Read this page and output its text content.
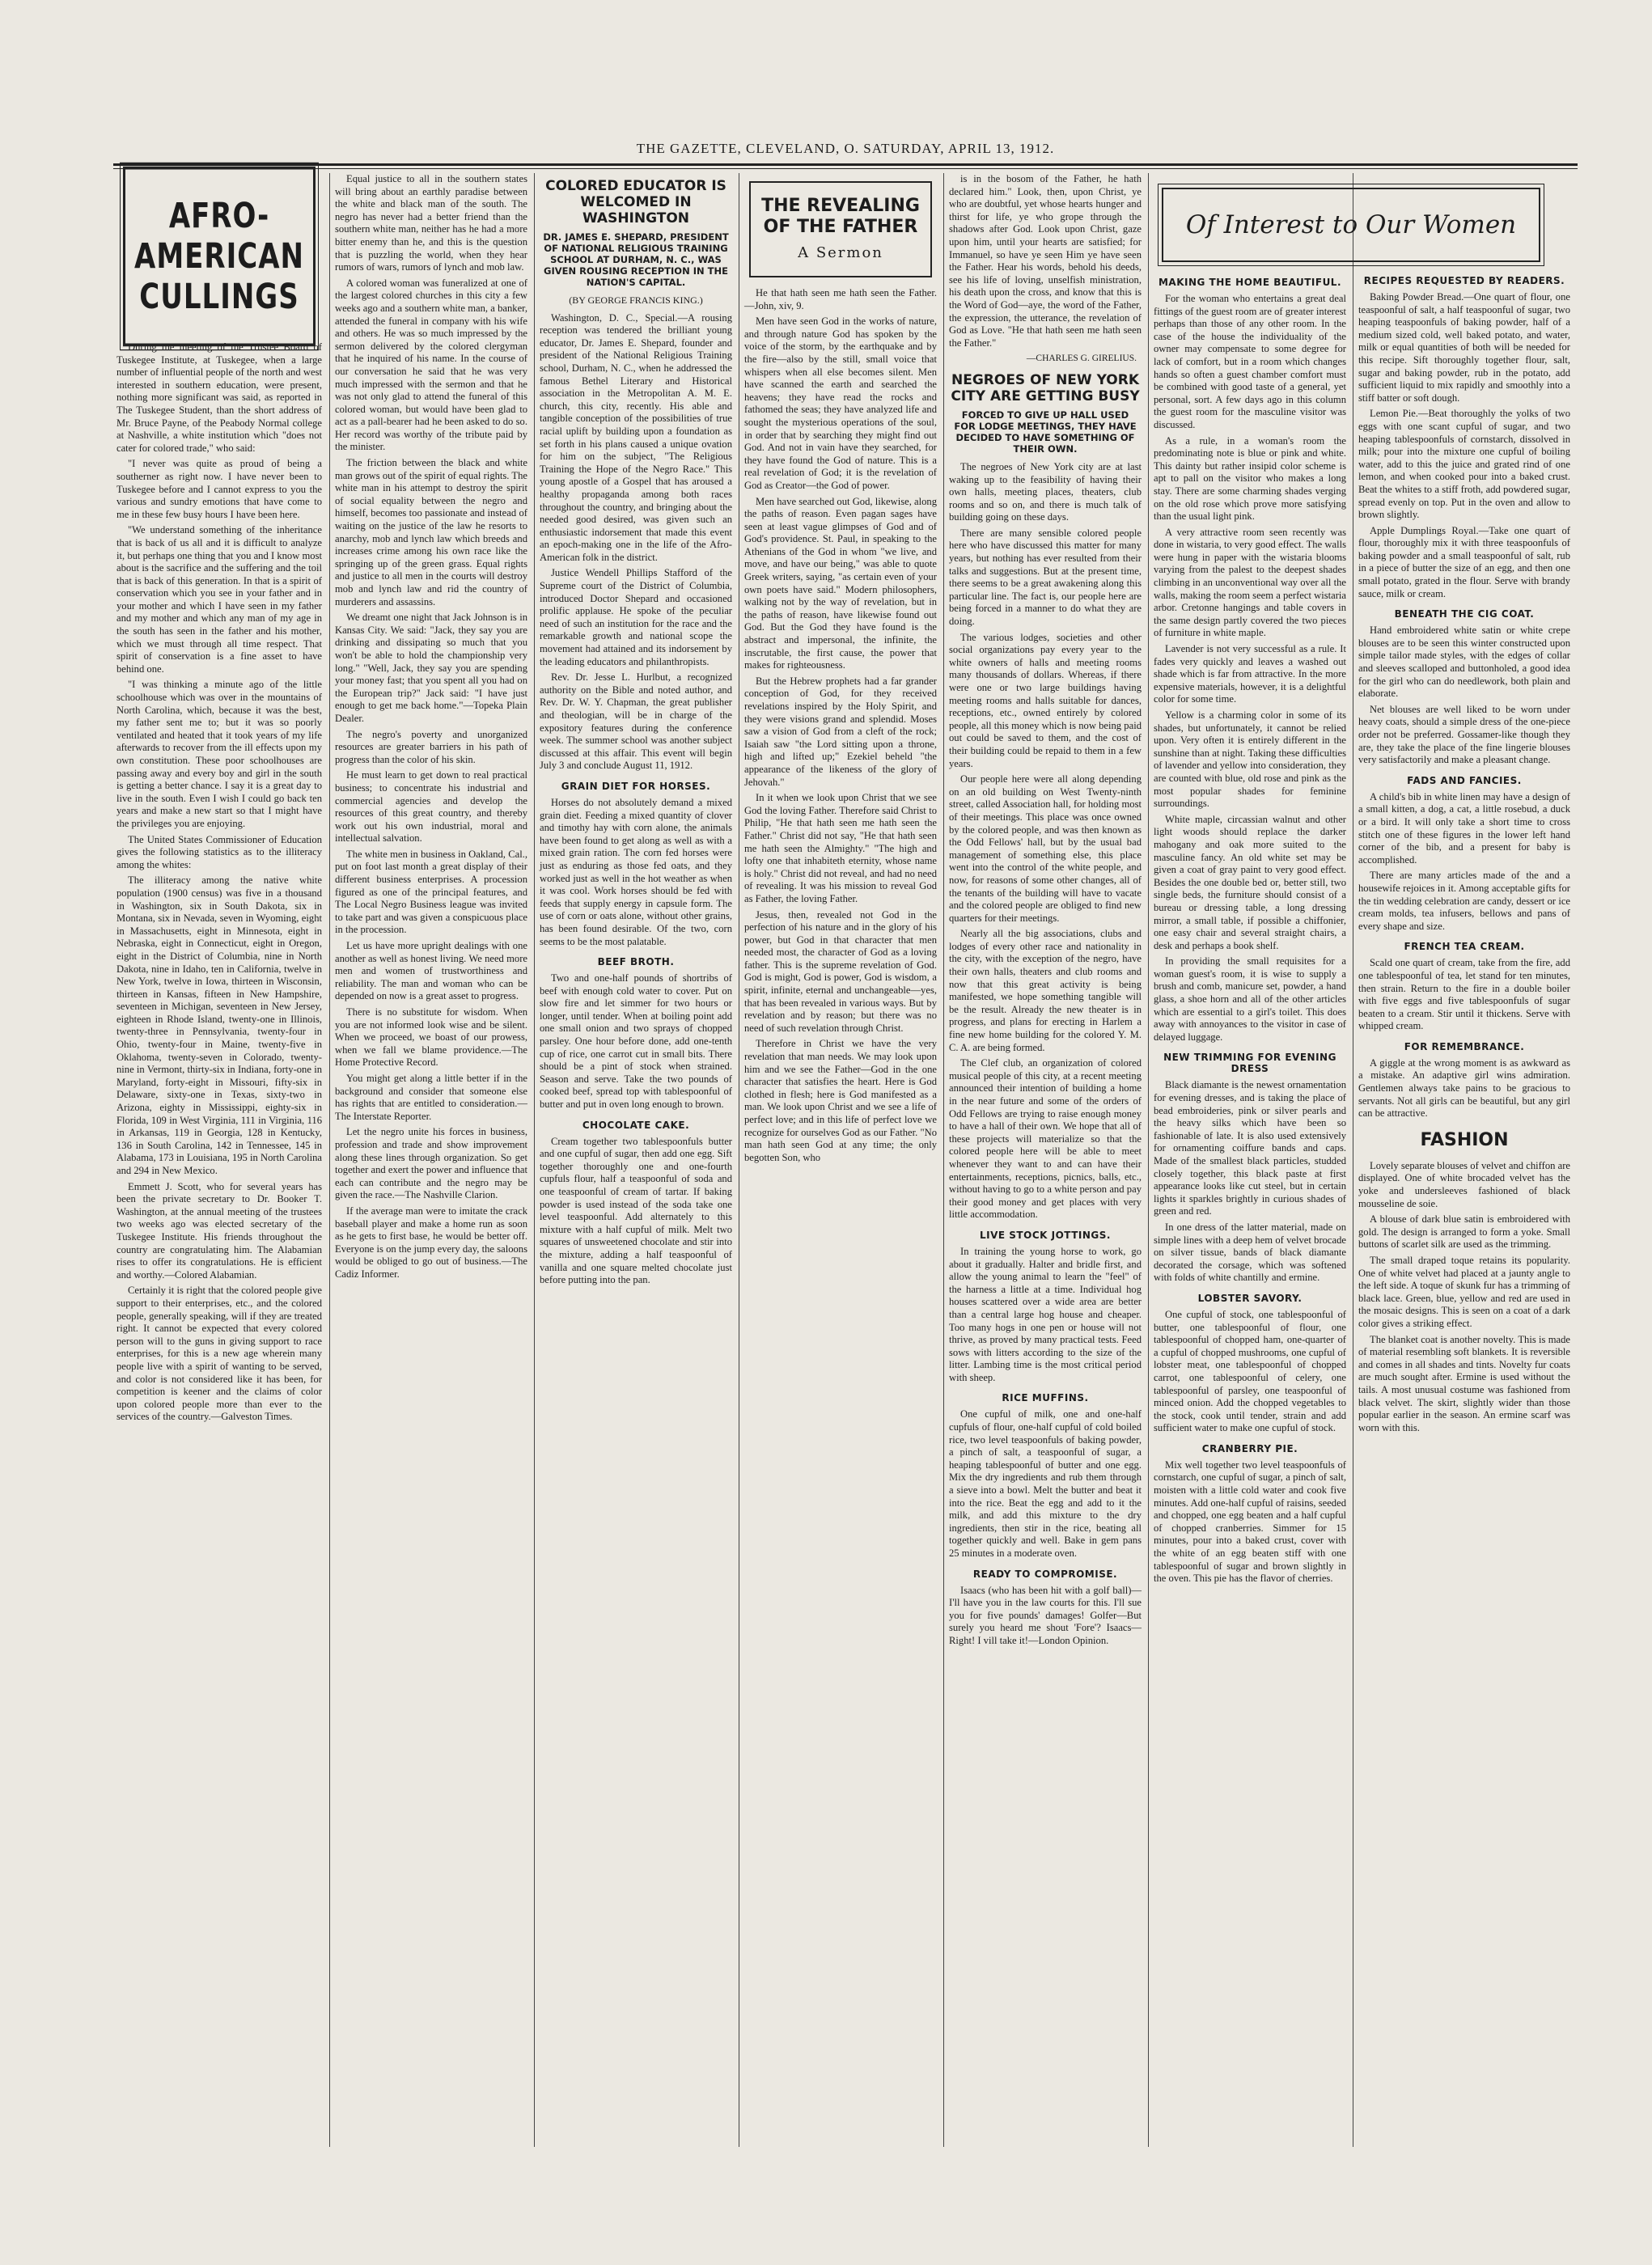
THE GAZETTE, CLEVELAND, O. SATURDAY, APRIL 13, 1912.
AFRO-AMERICAN CULLINGS

During the meeting of the Trustee Board of Tuskegee Institute, at Tuskegee, when a large number of influential people of the north and west interested in southern education, were present, nothing more significant was said, as reported in The Tuskegee Student, than the short address of Mr. Bruce Payne, of the Peabody Normal college at Nashville, a white institution which "does not cater for colored trade," who said:

"I never was quite as proud of being a southerner as right now. I have never been to Tuskegee before and I cannot express to you the various and sundry emotions that have come to me in these few busy hours I have been here.

"We understand something of the inheritance that is back of us all and it is difficult to analyze it, but perhaps one thing that you and I know most about is the sacrifice and the suffering and the toil that is back of this generation. In that is a spirit of conservation which you see in your father and in your mother and which I have seen in my father and my mother and which any man of my age in the south has seen in the father and his mother, which we must through all time respect. That spirit of conservation is a fine asset to have behind one.

"I was thinking a minute ago of the little schoolhouse which was over in the mountains of North Carolina, which, because it was the best, my father sent me to; but it was so poorly ventilated and heated that it took years of my life afterwards to recover from the ill effects upon my own constitution. These poor schoolhouses are passing away and every boy and girl in the south is getting a better chance. I say it is a great day to live in the south. Even I wish I could go back ten years and make a new start so that I might have the privileges you are enjoying.

The United States Commissioner of Education gives the following statistics as to the illiteracy among the whites:

The illiteracy among the native white population (1900 census) was five in a thousand in Washington, six in South Dakota, six in Montana, six in Nevada, seven in Wyoming, eight in Massachusetts, eight in Minnesota, eight in Nebraska, eight in Connecticut, eight in Oregon, eight in the District of Columbia, nine in North Dakota, nine in Idaho, ten in California, twelve in New York, twelve in Iowa, thirteen in Wisconsin, thirteen in Kansas, fifteen in New Hampshire, seventeen in Michigan, seventeen in New Jersey, eighteen in Rhode Island, twenty-one in Illinois, twenty-three in Pennsylvania, twenty-four in Ohio, twenty-four in Maine, twenty-five in Oklahoma, twenty-seven in Colorado, twenty-nine in Vermont, thirty-six in Indiana, forty-one in Maryland, forty-eight in Missouri, fifty-six in Delaware, sixty-one in Texas, sixty-two in Arizona, eighty in Mississippi, eighty-six in Florida, 109 in West Virginia, 111 in Virginia, 116 in Arkansas, 119 in Georgia, 128 in Kentucky, 136 in South Carolina, 142 in Tennessee, 145 in Alabama, 173 in Louisiana, 195 in North Carolina and 294 in New Mexico.

Emmett J. Scott, who for several years has been the private secretary to Dr. Booker T. Washington, at the annual meeting of the trustees two weeks ago was elected secretary of the Tuskegee Institute. His friends throughout the country are congratulating him. The Alabamian rises to offer its congratulations. He is efficient and worthy.—Colored Alabamian.

Certainly it is right that the colored people give support to their enterprises, etc., and the colored people, generally speaking, will if they are treated right. It cannot be expected that every colored person will to the guns in giving support to race enterprises, for this is a new age wherein many people live with a spirit of wanting to be served, and color is not considered like it has been, for competition is keener and the claims of color upon colored people more than ever to the services of the country.—Galveston Times.

Equal justice to all in the southern states will bring about an earthly paradise between the white and black man of the south. The negro has never had a better friend than the southern white man, neither has he had a more bitter enemy than he, and this is the question that is puzzling the world, when they hear rumors of wars, rumors of lynch and mob law.

A colored woman was funeralized at one of the largest colored churches in this city a few weeks ago and a southern white man, a banker, attended the funeral in company with his wife and others. He was so much impressed by the sermon delivered by the colored clergyman that he inquired of his name. In the course of our conversation he said that he was very much impressed with the sermon and that he was not only glad to attend the funeral of this colored woman, but would have been glad to act as a pall-bearer had he been asked to do so. Her record was worthy of the tribute paid by the minister.

The friction between the black and white man grows out of the spirit of equal rights. The white man in his attempt to destroy the spirit of social equality between the negro and himself, becomes too passionate and instead of waiting on the justice of the law he resorts to anarchy, mob and lynch law which breeds and increases crime among his own race like the springing up of the green grass. Equal rights and justice to all men in the courts will destroy mob and lynch law and rid the country of murderers and assassins.

We dreamt one night that Jack Johnson is in Kansas City. We said: "Jack, they say you are drinking and dissipating so much that you won't be able to hold the championship very long." "Well, Jack, they say you are spending your money fast; that you spent all you had on the European trip?" Jack said: "I have just enough to get me back home."—Topeka Plain Dealer.

The negro's poverty and unorganized resources are greater barriers in his path of progress than the color of his skin.

He must learn to get down to real practical business; to concentrate his industrial and commercial agencies and develop the resources of this great country, and thereby work out his own industrial, moral and intellectual salvation.

The white men in business in Oakland, Cal., put on foot last month a great display of their different business enterprises. A procession figured as one of the principal features, and The Local Negro Business league was invited to take part and was given a conspicuous place in the procession.

Let us have more upright dealings with one another as well as honest living. We need more men and women of trustworthiness and reliability. The man and woman who can be depended on now is a great asset to progress.

There is no substitute for wisdom. When you are not informed look wise and be silent. When we proceed, we boast of our prowess, when we fall we blame providence.—The Home Protective Record.

You might get along a little better if in the background and consider that someone else has rights that are entitled to consideration.—The Interstate Reporter.

Let the negro unite his forces in business, profession and trade and show improvement along these lines through organization. So get together and exert the power and influence that each can contribute and the negro may be given the race.—The Nashville Clarion.

If the average man were to imitate the crack baseball player and make a home run as soon as he gets to first base, he would be better off. Everyone is on the jump every day, the saloons would be obliged to go out of business.—The Cadiz Informer.

COLORED EDUCATOR IS WELCOMED IN WASHINGTON
DR. JAMES E. SHEPARD, PRESIDENT OF NATIONAL RELIGIOUS TRAINING SCHOOL AT DURHAM, N. C., WAS GIVEN ROUSING RECEPTION IN THE NATION'S CAPITAL.

(BY GEORGE FRANCIS KING.)

Washington, D. C., Special.—A rousing reception was tendered the brilliant young educator, Dr. James E. Shepard, founder and president of the National Religious Training school, Durham, N. C., when he addressed the famous Bethel Literary and Historical association in the Metropolitan A. M. E. church, this city, recently. His able and tangible conception of the possibilities of true racial uplift by building upon a foundation as set forth in his plans caused a unique ovation for him on the subject, "The Religious Training the Hope of the Negro Race." This young apostle of a Gospel that has aroused a healthy propaganda among both races throughout the country, and bringing about the needed good desired, was given such an enthusiastic indorsement that made this event an epoch-making one in the life of the Afro-American folk in the district.

Justice Wendell Phillips Stafford of the Supreme court of the District of Columbia, introduced Doctor Shepard and occasioned prolific applause. He spoke of the peculiar need of such an institution for the race and the remarkable growth and national scope the movement had attained and its indorsement by the leading educators and philanthropists.

Rev. Dr. Jesse L. Hurlbut, a recognized authority on the Bible and noted author, and Rev. Dr. W. Y. Chapman, the great publisher and theologian, will be in charge of the expository features during the conference week. The summer school was another subject discussed at this affair. This event will begin July 3 and conclude August 11, 1912.

GRAIN DIET FOR HORSES.

Horses do not absolutely demand a mixed grain diet. Feeding a mixed quantity of clover and timothy hay with corn alone, the animals have been found to get along as well as with a mixed grain ration. The corn fed horses were just as enduring as those fed oats, and they worked just as well in the hot weather as when it was cool. Work horses should be fed with feeds that supply energy in capsule form. The use of corn or oats alone, without other grains, has been found desirable. Of the two, corn seems to be the most palatable.

BEEF BROTH.

Two and one-half pounds of shortribs of beef with enough cold water to cover. Put on slow fire and let simmer for two hours or longer, until tender. When at boiling point add one small onion and two sprays of chopped parsley. One hour before done, add one-tenth cup of rice, one carrot cut in small bits. There should be a pint of stock when strained. Season and serve. Take the two pounds of cooked beef, spread top with tablespoonful of butter and put in oven long enough to brown.

CHOCOLATE CAKE.

Cream together two tablespoonfuls butter and one cupful of sugar, then add one egg. Sift together thoroughly one and one-fourth cupfuls flour, half a teaspoonful of soda and one teaspoonful of cream of tartar. If baking powder is used instead of the soda take one level teaspoonful. Add alternately to this mixture with a half cupful of milk. Melt two squares of unsweetened chocolate and stir into the mixture, adding a half teaspoonful of vanilla and one square melted chocolate just before putting into the pan.

THE REVEALING OF THE FATHER
A Sermon

He that hath seen me hath seen the Father.—John, xiv, 9.

Men have seen God in the works of nature, and through nature God has spoken by the voice of the storm, by the earthquake and by the fire—also by the still, small voice that whispers when all else becomes silent. Men have scanned the earth and searched the heavens; they have read the rocks and fathomed the seas; they have analyzed life and sought the mysterious operations of the soul, in order that by searching they might find out God. And not in vain have they searched, for they have found the God of nature. This is a real revelation of God; it is the revelation of God as Creator—the God of power.

Men have searched out God, likewise, along the paths of reason. Even pagan sages have seen at least vague glimpses of God and of God's providence. St. Paul, in speaking to the Athenians of the God in whom "we live, and move, and have our being," was able to quote Greek writers, saying, "as certain even of your own poets have said." Modern philosophers, walking not by the way of revelation, but in the paths of reason, have likewise found out God. But the God they have found is the abstract and impersonal, the infinite, the inscrutable, the first cause, the power that makes for righteousness.

But the Hebrew prophets had a far grander conception of God, for they received revelations inspired by the Holy Spirit, and they were visions grand and splendid. Moses saw a vision of God from a cleft of the rock; Isaiah saw "the Lord sitting upon a throne, high and lifted up;" Ezekiel beheld "the appearance of the likeness of the glory of Jehovah."

In it when we look upon Christ that we see God the loving Father. Therefore said Christ to Philip, "He that hath seen me hath seen the Father." Christ did not say, "He that hath seen me hath seen the Almighty." "The high and lofty one that inhabiteth eternity, whose name is holy." Christ did not reveal, and had no need of revealing. It was his mission to reveal God as Father, the loving Father.

Jesus, then, revealed not God in the perfection of his nature and in the glory of his power, but God in that character that men needed most, the character of God as a loving father. This is the supreme revelation of God. God is might, God is power, God is wisdom, a spirit, infinite, eternal and unchangeable—yes, that has been revealed in various ways. But by revelation and by reason; but there was no need of such revelation through Christ.

Therefore in Christ we have the very revelation that man needs. We may look upon him and we see the Father—God in the one character that satisfies the heart. Here is God clothed in flesh; here is God manifested as a man. We look upon Christ and we see a life of perfect love; and in this life of perfect love we recognize for ourselves God as our Father. "No man hath seen God at any time; the only begotten Son, who

is in the bosom of the Father, he hath declared him." Look, then, upon Christ, ye who are doubtful, yet whose hearts hunger and thirst for life, ye who grope through the shadows after God. Look upon Christ, gaze upon him, until your hearts are satisfied; for Immanuel, so have ye seen Him ye have seen the Father. Hear his words, behold his deeds, see his life of loving, unselfish ministration, his death upon the cross, and know that this is the Word of God—aye, the word of the Father, the expression, the utterance, the revelation of God as Love. "He that hath seen me hath seen the Father."

—CHARLES G. GIRELIUS.

NEGROES OF NEW YORK CITY ARE GETTING BUSY
FORCED TO GIVE UP HALL USED FOR LODGE MEETINGS, THEY HAVE DECIDED TO HAVE SOMETHING OF THEIR OWN.

The negroes of New York city are at last waking up to the feasibility of having their own halls, meeting places, theaters, club rooms and so on, and there is much talk of building going on these days.

There are many sensible colored people here who have discussed this matter for many years, but nothing has ever resulted from their talks and suggestions. But at the present time, there seems to be a great awakening along this particular line. The fact is, our people here are being forced in a manner to do what they are doing.

The various lodges, societies and other social organizations pay every year to the white owners of halls and meeting rooms many thousands of dollars. Whereas, if there were one or two large buildings having meeting rooms and halls suitable for dances, receptions, etc., owned entirely by colored people, all this money which is now being paid out could be saved to them, and the cost of their building could be repaid to them in a few years.

Our people here were all along depending on an old building on West Twenty-ninth street, called Association hall, for holding most of their meetings. This place was once owned by the colored people, and was then known as the Odd Fellows' hall, but by the usual bad management of something else, this place went into the control of the white people, and now, for reasons of some other changes, all of the tenants of the building will have to vacate and the colored people are obliged to find new quarters for their meetings.

Nearly all the big associations, clubs and lodges of every other race and nationality in the city, with the exception of the negro, have their own halls, theaters and club rooms and now that this great activity is being manifested, we hope something tangible will be the result. Already the new theater is in progress, and plans for erecting in Harlem a fine new home building for the colored Y. M. C. A. are being formed.

The Clef club, an organization of colored musical people of this city, at a recent meeting announced their intention of building a home in the near future and some of the orders of Odd Fellows are trying to raise enough money to have a hall of their own. We hope that all of these projects will materialize so that the colored people here will be able to meet whenever they want to and can have their entertainments, receptions, picnics, balls, etc., without having to go to a white person and pay their good money and get places with very little accommodation.

LIVE STOCK JOTTINGS.

In training the young horse to work, go about it gradually. Halter and bridle first, and allow the young animal to learn the "feel" of the harness a little at a time. Individual hog houses scattered over a wide area are better than a central large hog house and cheaper. Too many hogs in one pen or house will not thrive, as proved by many practical tests. Feed sows with litters according to the size of the litter. Lambing time is the most critical period with sheep.

RICE MUFFINS.

One cupful of milk, one and one-half cupfuls of flour, one-half cupful of cold boiled rice, two level teaspoonfuls of baking powder, a pinch of salt, a teaspoonful of sugar, a heaping tablespoonful of butter and one egg. Mix the dry ingredients and rub them through a sieve into a bowl. Melt the butter and beat it into the rice. Beat the egg and add to it the milk, and add this mixture to the dry ingredients, then stir in the rice, beating all together quickly and well. Bake in gem pans 25 minutes in a moderate oven.

READY TO COMPROMISE.

Isaacs (who has been hit with a golf ball)—I'll have you in the law courts for this. I'll sue you for five pounds' damages! Golfer—But surely you heard me shout 'Fore'? Isaacs—Right! I vill take it!—London Opinion.

Of Interest to Our Women
MAKING THE HOME BEAUTIFUL.

For the woman who entertains a great deal fittings of the guest room are of greater interest perhaps than those of any other room. In the case of the house the individuality of the owner may compensate to some degree for lack of comfort, but in a room which changes hands so often a guest chamber comfort must be combined with good taste of a general, yet personal, sort. A few days ago in this column the guest room for the masculine visitor was discussed.

As a rule, in a woman's room the predominating note is blue or pink and white. This dainty but rather insipid color scheme is apt to pall on the visitor who makes a long stay. There are some charming shades verging on the old rose which prove more satisfying than the usual light pink.

A very attractive room seen recently was done in wistaria, to very good effect. The walls were hung in paper with the wistaria blooms varying from the palest to the deepest shades climbing in an unconventional way over all the walls, making the room seem a perfect wistaria arbor. Cretonne hangings and table covers in the same design partly covered the two pieces of furniture in white maple.

Lavender is not very successful as a rule. It fades very quickly and leaves a washed out shade which is far from attractive. In the more expensive materials, however, it is a delightful color for some time.

Yellow is a charming color in some of its shades, but unfortunately, it cannot be relied upon. Very often it is entirely different in the sunshine than at night. Taking these difficulties of lavender and yellow into consideration, they are counted with blue, old rose and pink as the most popular shades for feminine surroundings.

White maple, circassian walnut and other light woods should replace the darker mahogany and oak more suited to the masculine fancy. An old white set may be given a coat of gray paint to very good effect. Besides the one double bed or, better still, two single beds, the furniture should consist of a bureau or dressing table, a long dressing mirror, a small table, if possible a chiffonier, one easy chair and several straight chairs, a desk and perhaps a book shelf.

In providing the small requisites for a woman guest's room, it is wise to supply a brush and comb, manicure set, powder, a hand glass, a shoe horn and all of the other articles which are essential to a girl's toilet. This does away with annoyances to the visitor in case of delayed luggage.

NEW TRIMMING FOR EVENING DRESS

Black diamante is the newest ornamentation for evening dresses, and is taking the place of bead embroideries, pink or silver pearls and the heavy silks which have been so fashionable of late. It is also used extensively for ornamenting coiffure bands and caps. Made of the smallest black particles, studded closely together, this black paste at first appearance looks like cut steel, but in certain lights it sparkles brightly in curious shades of green and red.

In one dress of the latter material, made on simple lines with a deep hem of velvet brocade on silver tissue, bands of black diamante decorated the corsage, which was softened with folds of white chantilly and ermine.

LOBSTER SAVORY.

One cupful of stock, one tablespoonful of butter, one tablespoonful of flour, one tablespoonful of chopped ham, one-quarter of a cupful of chopped mushrooms, one cupful of lobster meat, one tablespoonful of chopped carrot, one tablespoonful of celery, one tablespoonful of parsley, one teaspoonful of minced onion. Add the chopped vegetables to the stock, cook until tender, strain and add sufficient water to make one cupful of stock.

CRANBERRY PIE.

Mix well together two level teaspoonfuls of cornstarch, one cupful of sugar, a pinch of salt, moisten with a little cold water and cook five minutes. Add one-half cupful of raisins, seeded and chopped, one egg beaten and a half cupful of chopped cranberries. Simmer for 15 minutes, pour into a baked crust, cover with the white of an egg beaten stiff with one tablespoonful of sugar and brown slightly in the oven. This pie has the flavor of cherries.

RECIPES REQUESTED BY READERS.

Baking Powder Bread.—One quart of flour, one teaspoonful of salt, a half teaspoonful of sugar, two heaping teaspoonfuls of baking powder, half of a medium sized cold, well baked potato, and water, milk or equal quantities of both will be needed for this recipe. Sift thoroughly together flour, salt, sugar and baking powder, rub in the potato, add sufficient liquid to mix rapidly and smoothly into a stiff batter or soft dough.

Lemon Pie.—Beat thoroughly the yolks of two eggs with one scant cupful of sugar, and two heaping tablespoonfuls of cornstarch, dissolved in milk; pour into the mixture one cupful of boiling water, add to this the juice and grated rind of one lemon, and when cooked pour into a baked crust. Beat the whites to a stiff froth, add powdered sugar, spread evenly on top. Put in the oven and allow to brown slightly.

Apple Dumplings Royal.—Take one quart of flour, thoroughly mix it with three teaspoonfuls of baking powder and a small teaspoonful of salt, rub in a piece of butter the size of an egg, and then one small potato, grated in the flour. Serve with brandy sauce, milk or cream.

BENEATH THE CIG COAT.

Hand embroidered white satin or white crepe blouses are to be seen this winter constructed upon simple tailor made styles, with the edges of collar and sleeves scalloped and buttonholed, a good idea for the girl who can do needlework, both plain and elaborate.

Net blouses are well liked to be worn under heavy coats, should a simple dress of the one-piece order not be preferred. Gossamer-like though they are, they take the place of the fine lingerie blouses very satisfactorily and make a pleasant change.

FADS AND FANCIES.

A child's bib in white linen may have a design of a small kitten, a dog, a cat, a little rosebud, a duck or a bird. It will only take a short time to cross stitch one of these figures in the lower left hand corner of the bib, and a present for baby is accomplished.

There are many articles made of the and a housewife rejoices in it. Among acceptable gifts for the tin wedding celebration are candy, dessert or ice cream molds, tea infusers, bellows and pans of every shape and size.

FRENCH TEA CREAM.

Scald one quart of cream, take from the fire, add one tablespoonful of tea, let stand for ten minutes, then strain. Return to the fire in a double boiler with five eggs and five tablespoonfuls of sugar beaten to a cream. Stir until it thickens. Serve with whipped cream.

FOR REMEMBRANCE.

A giggle at the wrong moment is as awkward as a mistake. An adaptive girl wins admiration. Gentlemen always take pains to be gracious to servants. Not all girls can be beautiful, but any girl can be attractive.

FASHION

Lovely separate blouses of velvet and chiffon are displayed. One of white brocaded velvet has the yoke and undersleeves fashioned of black mousseline de soie.

A blouse of dark blue satin is embroidered with gold. The design is arranged to form a yoke. Small buttons of scarlet silk are used as the trimming.

The small draped toque retains its popularity. One of white velvet had placed at a jaunty angle to the left side. A toque of skunk fur has a trimming of black lace. Green, blue, yellow and red are used in the mosaic designs. This is seen on a coat of a dark color gives a striking effect.

The blanket coat is another novelty. This is made of material resembling soft blankets. It is reversible and comes in all shades and tints. Novelty fur coats are much sought after. Ermine is used without the tails. A most unusual costume was fashioned from black velvet. The skirt, slightly wider than those popular earlier in the season. An ermine scarf was worn with this.
